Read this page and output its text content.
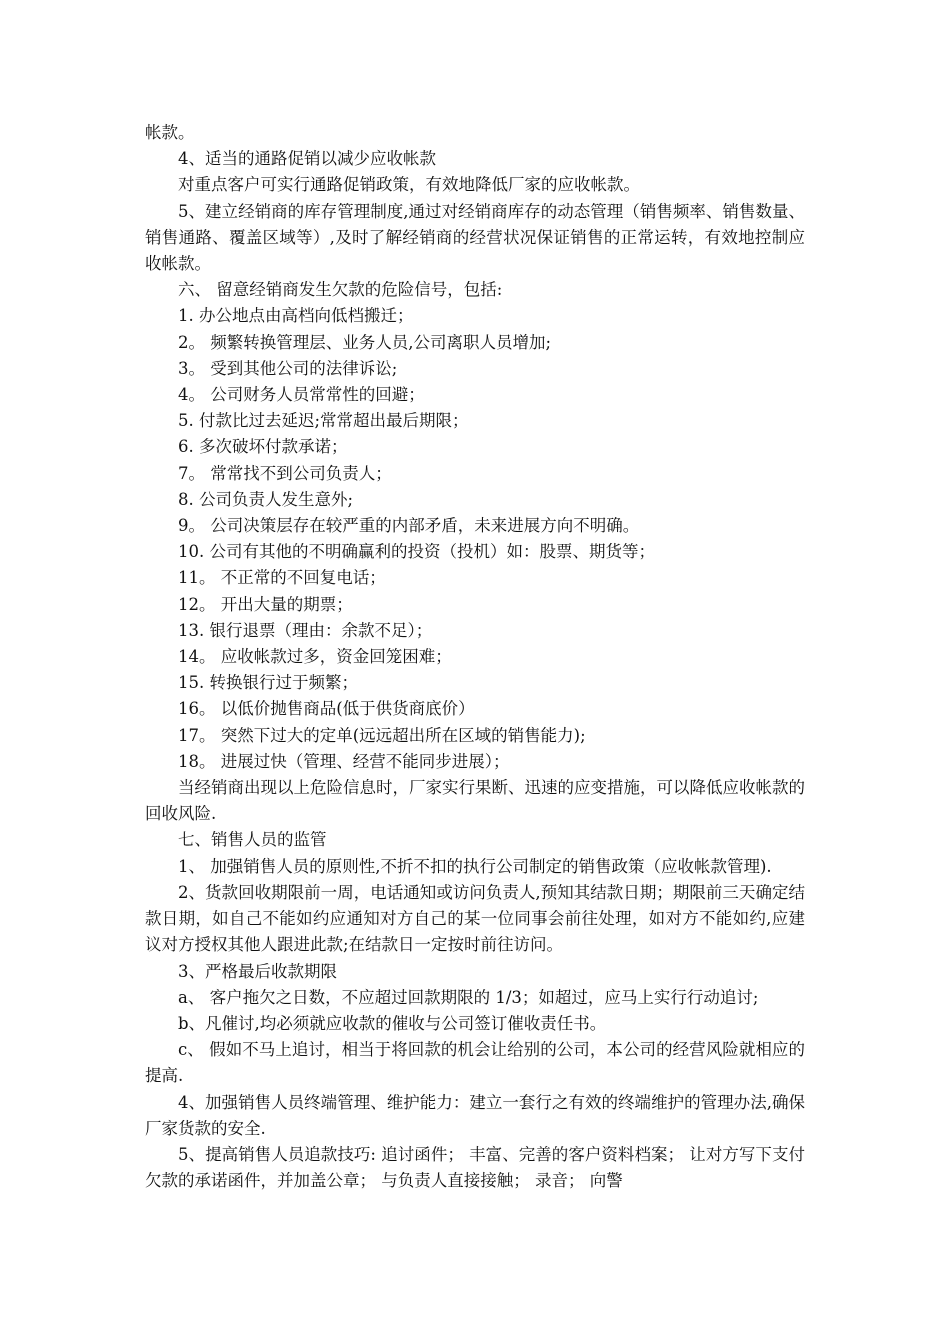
帐款。

4、适当的通路促销以减少应收帐款

对重点客户可实行通路促销政策，有效地降低厂家的应收帐款。

5、建立经销商的库存管理制度,通过对经销商库存的动态管理（销售频率、销售数量、销售通路、覆盖区域等）,及时了解经销商的经营状况保证销售的正常运转，有效地控制应收帐款。

六、 留意经销商发生欠款的危险信号，包括:

1. 办公地点由高档向低档搬迁；

2。 频繁转换管理层、业务人员,公司离职人员增加;

3。 受到其他公司的法律诉讼;

4。 公司财务人员常常性的回避；

5. 付款比过去延迟;常常超出最后期限；

6. 多次破坏付款承诺；

7。 常常找不到公司负责人；

8. 公司负责人发生意外;

9。 公司决策层存在较严重的内部矛盾，未来进展方向不明确。

10. 公司有其他的不明确赢利的投资（投机）如：股票、期货等；

11。 不正常的不回复电话；

12。 开出大量的期票；

13. 银行退票（理由：余款不足）；

14。 应收帐款过多，资金回笼困难；

15. 转换银行过于频繁；

16。 以低价抛售商品(低于供货商底价）

17。 突然下过大的定单(远远超出所在区域的销售能力);

18。 进展过快（管理、经营不能同步进展）；

当经销商出现以上危险信息时，厂家实行果断、迅速的应变措施，可以降低应收帐款的回收风险.

七、销售人员的监管

1、 加强销售人员的原则性,不折不扣的执行公司制定的销售政策（应收帐款管理).

2、货款回收期限前一周，电话通知或访问负责人,预知其结款日期；期限前三天确定结款日期，如自己不能如约应通知对方自己的某一位同事会前往处理，如对方不能如约,应建议对方授权其他人跟进此款;在结款日一定按时前往访问。

3、严格最后收款期限

a、 客户拖欠之日数，不应超过回款期限的 1/3；如超过，应马上实行行动追讨;

b、凡催讨,均必须就应收款的催收与公司签订催收责任书。

c、 假如不马上追讨，相当于将回款的机会让给别的公司，本公司的经营风险就相应的提高.

4、加强销售人员终端管理、维护能力：建立一套行之有效的终端维护的管理办法,确保厂家货款的安全.

5、提高销售人员追款技巧: 追讨函件； 丰富、完善的客户资料档案； 让对方写下支付欠款的承诺函件，并加盖公章； 与负责人直接接触； 录音； 向警
